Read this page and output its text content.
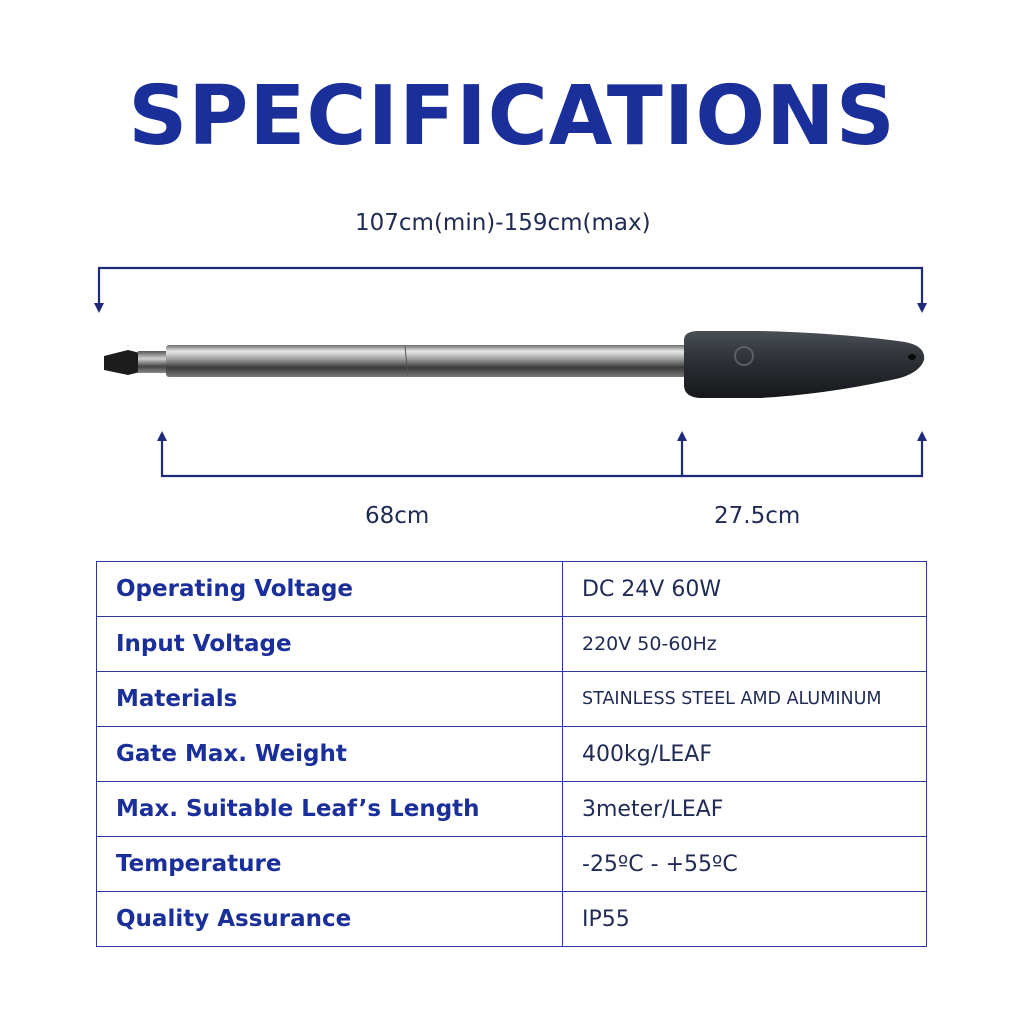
SPECIFICATIONS
107cm(min)-159cm(max)
68cm	27.5cm
Operating Voltage	DC 24V 60W
Input Voltage	220V 50-60Hz
Materials	STAINLESS STEEL AMD ALUMINUM
Gate Max. Weight	400kg/LEAF
Max. Suitable Leaf’s Length	3meter/LEAF
Temperature	-25ºC - +55ºC
Quality Assurance	IP55
